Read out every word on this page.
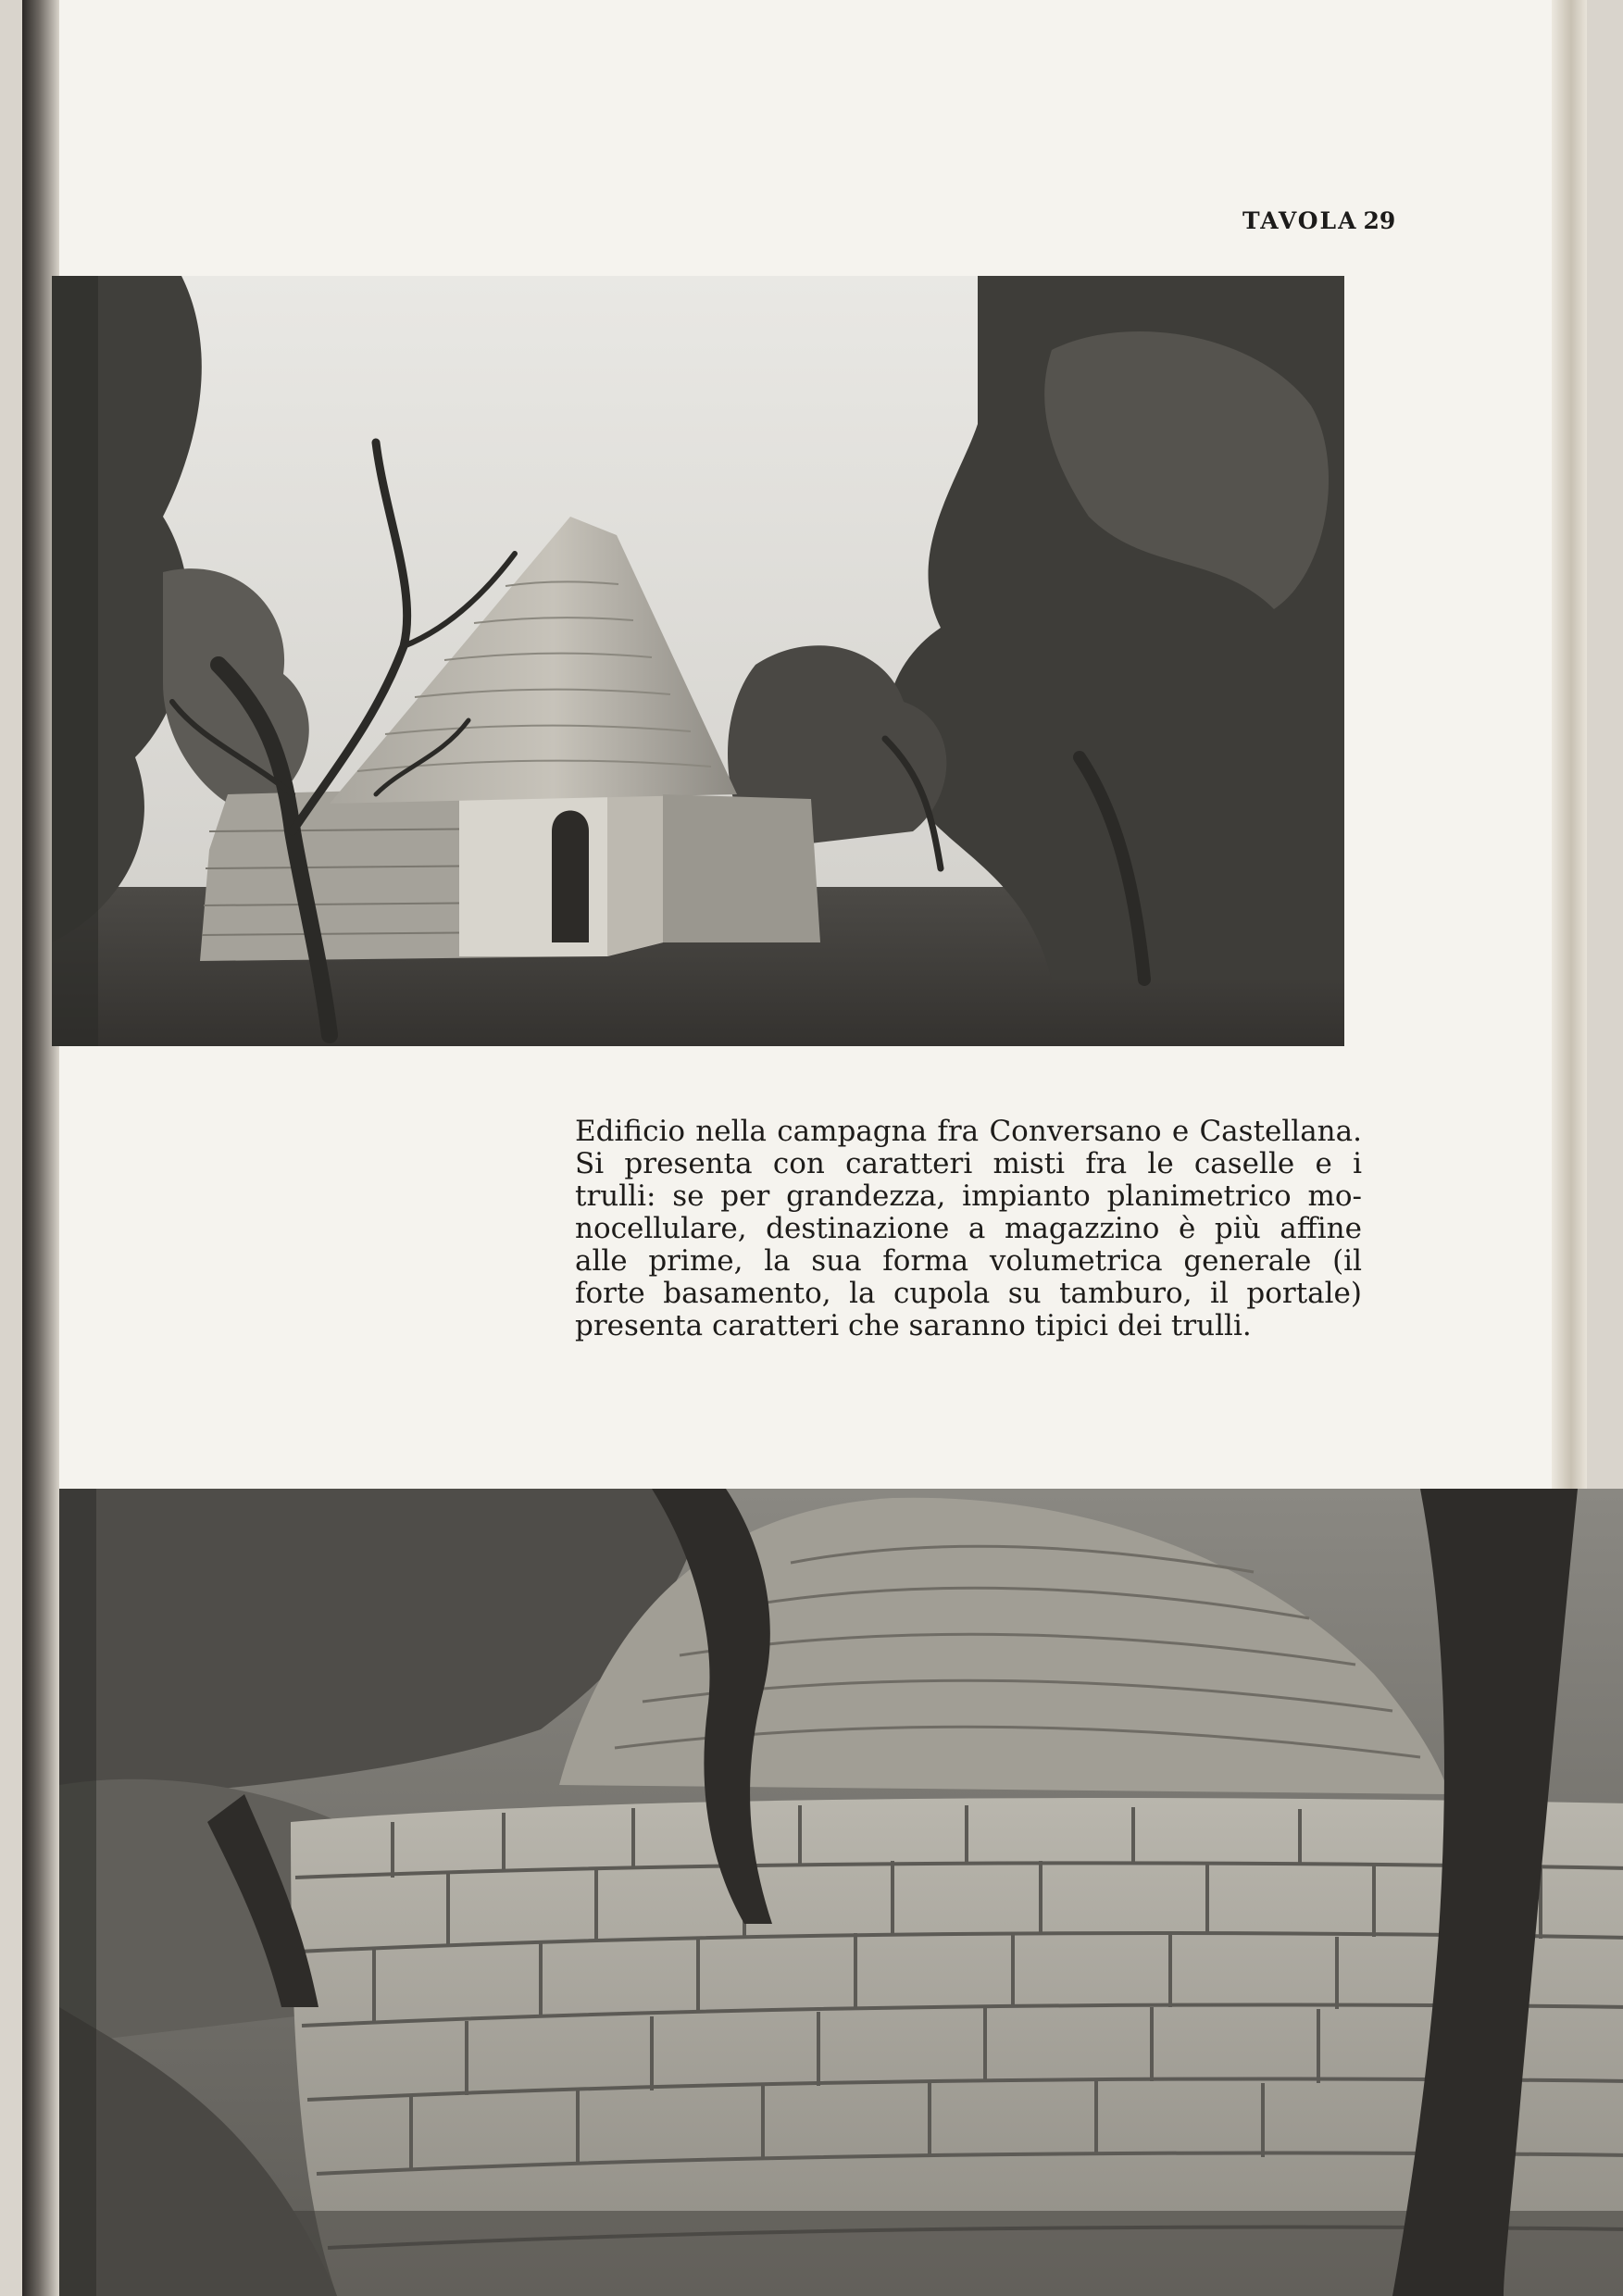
TAVOLA 29
Edificio nella campagna fra Conversano e Castellana.
Si presenta con caratteri misti fra le caselle e i
trulli: se per grandezza, impianto planimetrico mo-
nocellulare, destinazione a magazzino è più affine
alle prime, la sua forma volumetrica generale (il
forte basamento, la cupola su tamburo, il portale)
presenta caratteri che saranno tipici dei trulli.
